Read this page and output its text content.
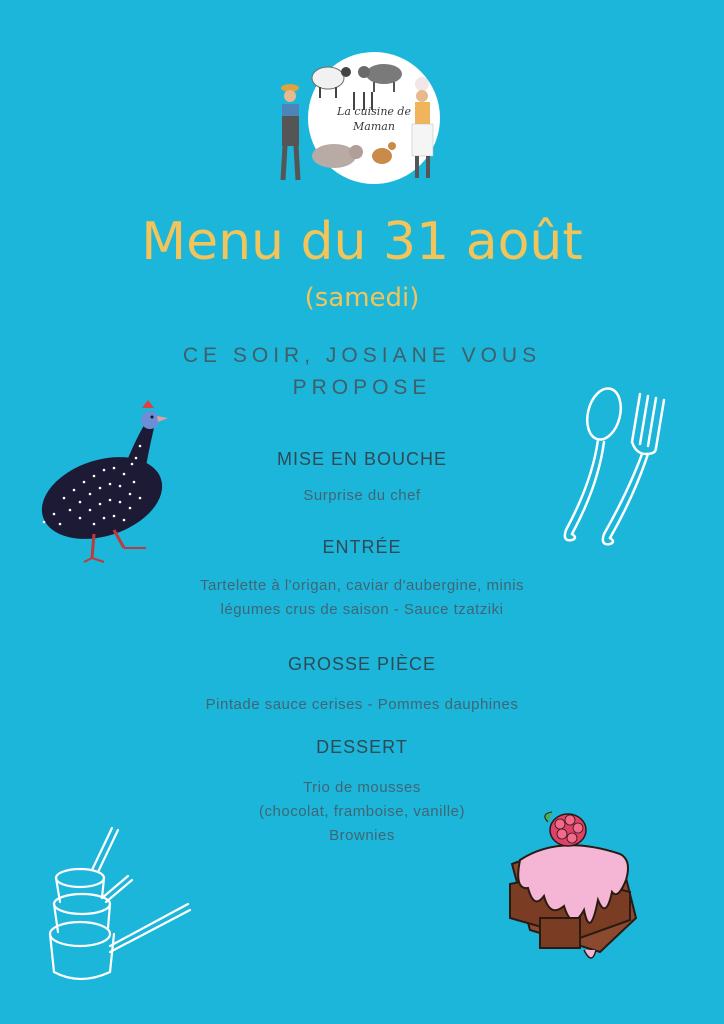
La cuisine de
Maman
Menu du 31 août
(samedi)
CE SOIR, JOSIANE VOUS PROPOSE

MISE EN BOUCHE

Surprise du chef

ENTRÉE

Tartelette à l'origan, caviar d'aubergine, minis

légumes crus de saison - Sauce tzatziki

GROSSE PIÈCE

Pintade sauce cerises - Pommes dauphines

DESSERT

Trio de mousses

(chocolat, framboise, vanille)

Brownies
